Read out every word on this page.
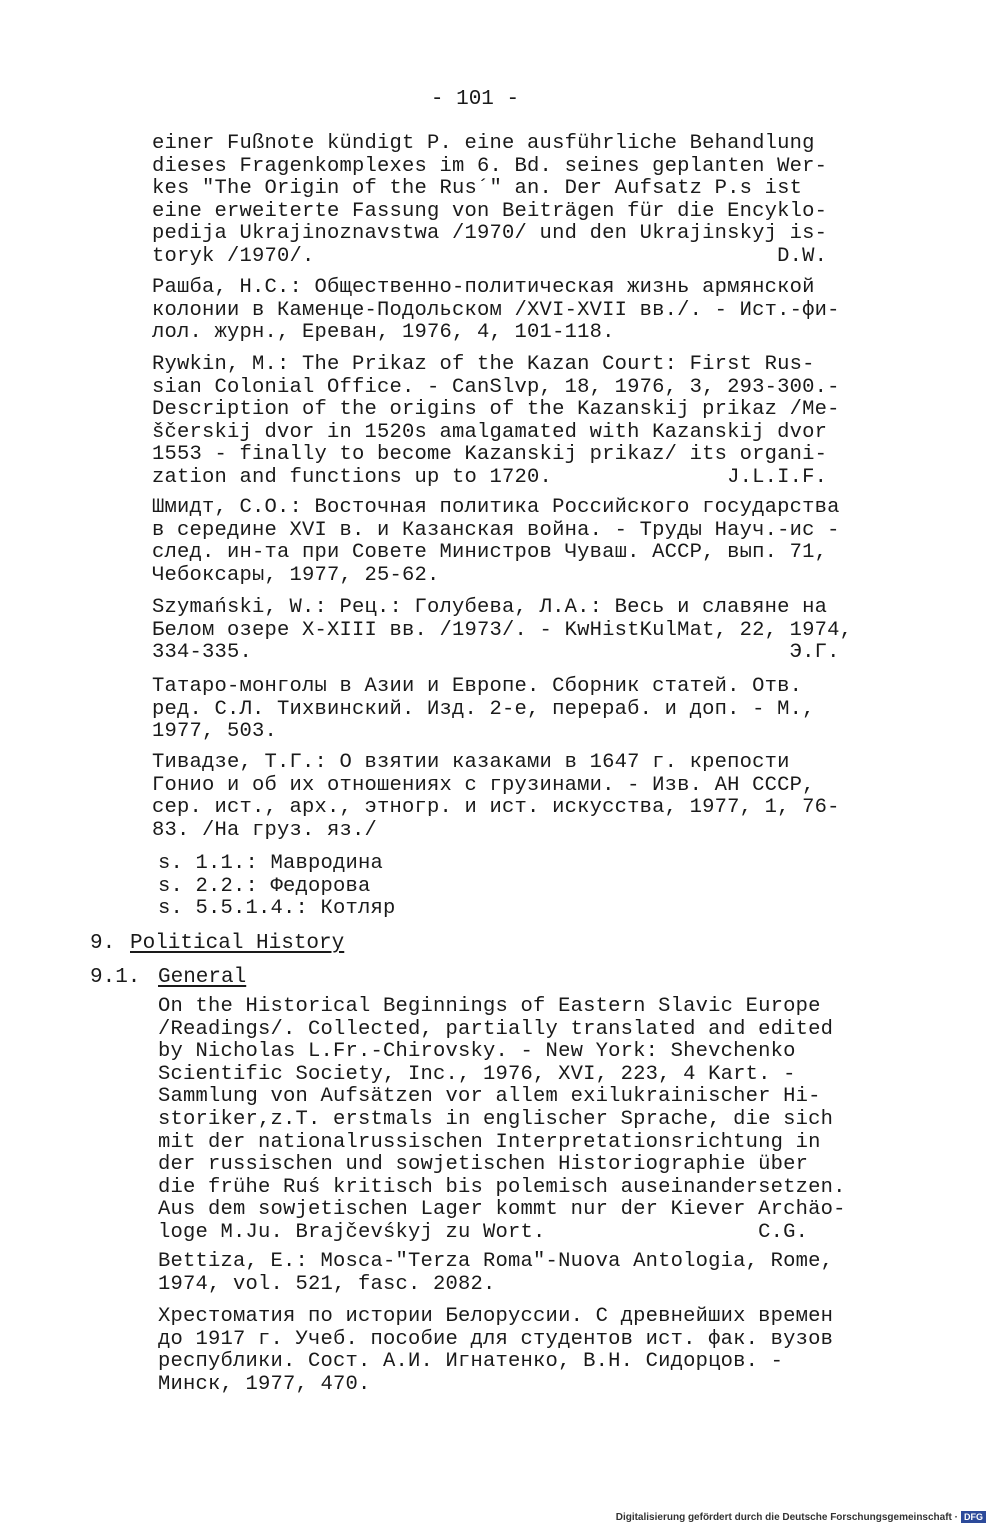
- 101 -
einer Fußnote kündigt P. eine ausführliche Behandlung
dieses Fragenkomplexes im 6. Bd. seines geplanten Wer-
kes "The Origin of the Rus´" an. Der Aufsatz P.s ist
eine erweiterte Fassung von Beiträgen für die Encyklo-
pedija Ukrajinoznavstwa /1970/ und den Ukrajinskyj is-
toryk /1970/.                                     D.W.
Рашба, Н.С.: Общественно-политическая жизнь армянской
колонии в Каменце-Подольском /XVI-XVII вв./. - Ист.-фи-
лол. журн., Ереван, 1976, 4, 101-118.
Rywkin, M.: The Prikaz of the Kazan Court: First Rus-
sian Colonial Office. - CanSlvp, 18, 1976, 3, 293-300.-
Description of the origins of the Kazanskij prikaz /Me-
ščerskij dvor in 1520s amalgamated with Kazanskij dvor
1553 - finally to become Kazanskij prikaz/ its organi-
zation and functions up to 1720.              J.L.I.F.
Шмидт, С.О.: Восточная политика Российского государства
в середине XVI в. и Казанская война. - Труды Науч.-ис -
след. ин-та при Совете Министров Чуваш. АССР, вып. 71,
Чебоксары, 1977, 25-62.
Szymański, W.: Рец.: Голубева, Л.А.: Весь и славяне на
Белом озере X-XIII вв. /1973/. - KwHistKulMat, 22, 1974,
334-335.                                           Э.Г.
Татаро-монголы в Азии и Европе. Сборник статей. Отв.
ред. С.Л. Тихвинский. Изд. 2-е, перераб. и доп. - М.,
1977, 503.
Тивадзе, Т.Г.: О взятии казаками в 1647 г. крепости
Гонио и об их отношениях с грузинами. - Изв. АН СССР,
сер. ист., арх., этногр. и ист. искусства, 1977, 1, 76-
83. /На груз. яз./
s. 1.1.: Мавродина
s. 2.2.: Федорова
s. 5.5.1.4.: Котляр
9. Political History
9.1. General
On the Historical Beginnings of Eastern Slavic Europe
/Readings/. Collected, partially translated and edited
by Nicholas L.Fr.-Chirovsky. - New York: Shevchenko
Scientific Society, Inc., 1976, XVI, 223, 4 Kart. -
Sammlung von Aufsätzen vor allem exilukrainischer Hi-
storiker,z.T. erstmals in englischer Sprache, die sich
mit der nationalrussischen Interpretationsrichtung in
der russischen und sowjetischen Historiographie über
die frühe Ruś kritisch bis polemisch auseinandersetzen.
Aus dem sowjetischen Lager kommt nur der Kiever Archäo-
loge M.Ju. Brajčevśkyj zu Wort.                 C.G.
Bettiza, E.: Mosca-"Terza Roma"-Nuova Antologia, Rome,
1974, vol. 521, fasc. 2082.
Хрестоматия по истории Белоруссии. С древнейших времен
до 1917 г. Учеб. пособие для студентов ист. фак. вузов
республики. Сост. А.И. Игнатенко, В.Н. Сидорцов. -
Минск, 1977, 470.
Digitalisierung gefördert durch die Deutsche Forschungsgemeinschaft · DFG
